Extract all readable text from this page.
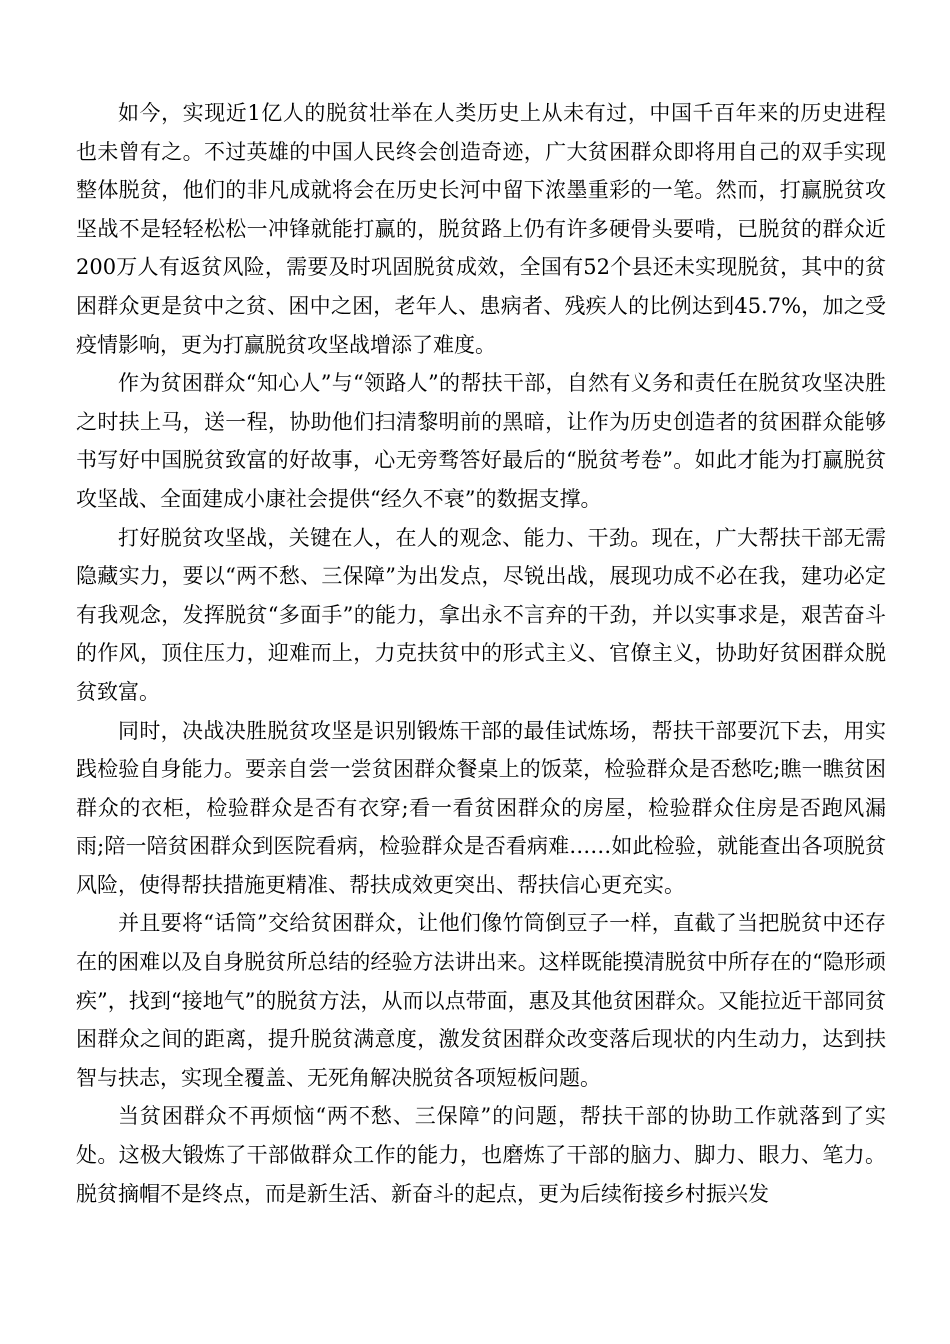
如今，实现近1亿人的脱贫壮举在人类历史上从未有过，中国千百年来的历史进程也未曾有之。不过英雄的中国人民终会创造奇迹，广大贫困群众即将用自己的双手实现整体脱贫，他们的非凡成就将会在历史长河中留下浓墨重彩的一笔。然而，打赢脱贫攻坚战不是轻轻松松一冲锋就能打赢的，脱贫路上仍有许多硬骨头要啃，已脱贫的群众近200万人有返贫风险，需要及时巩固脱贫成效，全国有52个县还未实现脱贫，其中的贫困群众更是贫中之贫、困中之困，老年人、患病者、残疾人的比例达到45.7%，加之受疫情影响，更为打赢脱贫攻坚战增添了难度。

作为贫困群众“知心人”与“领路人”的帮扶干部，自然有义务和责任在脱贫攻坚决胜之时扶上马，送一程，协助他们扫清黎明前的黑暗，让作为历史创造者的贫困群众能够书写好中国脱贫致富的好故事，心无旁骛答好最后的“脱贫考卷”。如此才能为打赢脱贫攻坚战、全面建成小康社会提供“经久不衰”的数据支撑。

打好脱贫攻坚战，关键在人，在人的观念、能力、干劲。现在，广大帮扶干部无需隐藏实力，要以“两不愁、三保障”为出发点，尽锐出战，展现功成不必在我，建功必定有我观念，发挥脱贫“多面手”的能力，拿出永不言弃的干劲，并以实事求是，艰苦奋斗的作风，顶住压力，迎难而上，力克扶贫中的形式主义、官僚主义，协助好贫困群众脱贫致富。

同时，决战决胜脱贫攻坚是识别锻炼干部的最佳试炼场，帮扶干部要沉下去，用实践检验自身能力。要亲自尝一尝贫困群众餐桌上的饭菜，检验群众是否愁吃;瞧一瞧贫困群众的衣柜，检验群众是否有衣穿;看一看贫困群众的房屋，检验群众住房是否跑风漏雨;陪一陪贫困群众到医院看病，检验群众是否看病难……如此检验，就能查出各项脱贫风险，使得帮扶措施更精准、帮扶成效更突出、帮扶信心更充实。

并且要将“话筒”交给贫困群众，让他们像竹筒倒豆子一样，直截了当把脱贫中还存在的困难以及自身脱贫所总结的经验方法讲出来。这样既能摸清脱贫中所存在的“隐形顽疾”，找到“接地气”的脱贫方法，从而以点带面，惠及其他贫困群众。又能拉近干部同贫困群众之间的距离，提升脱贫满意度，激发贫困群众改变落后现状的内生动力，达到扶智与扶志，实现全覆盖、无死角解决脱贫各项短板问题。

当贫困群众不再烦恼“两不愁、三保障”的问题，帮扶干部的协助工作就落到了实处。这极大锻炼了干部做群众工作的能力，也磨炼了干部的脑力、脚力、眼力、笔力。脱贫摘帽不是终点，而是新生活、新奋斗的起点，更为后续衔接乡村振兴发
